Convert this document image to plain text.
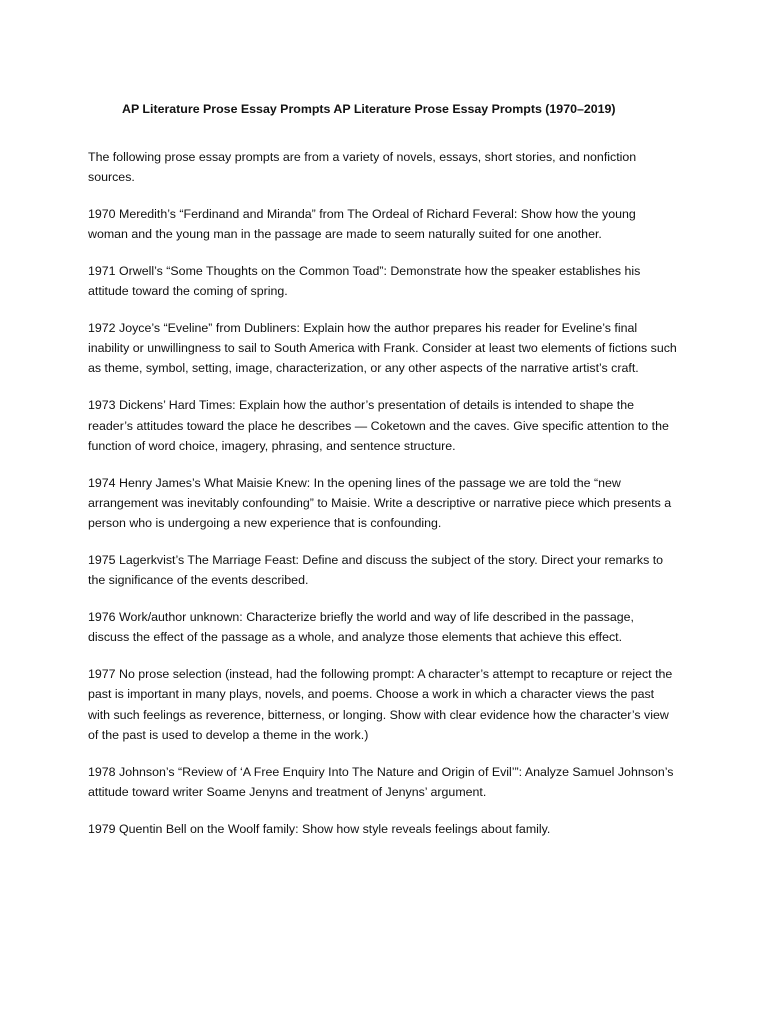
AP Literature Prose Essay Prompts AP Literature Prose Essay Prompts (1970–2019)

The following prose essay prompts are from a variety of novels, essays, short stories, and nonfiction sources.

1970 Meredith’s “Ferdinand and Miranda” from The Ordeal of Richard Feveral: Show how the young woman and the young man in the passage are made to seem naturally suited for one another.

1971 Orwell’s “Some Thoughts on the Common Toad”: Demonstrate how the speaker establishes his attitude toward the coming of spring.

1972 Joyce’s “Eveline” from Dubliners: Explain how the author prepares his reader for Eveline’s final inability or unwillingness to sail to South America with Frank. Consider at least two elements of fictions such as theme, symbol, setting, image, characterization, or any other aspects of the narrative artist’s craft.

1973 Dickens’ Hard Times: Explain how the author’s presentation of details is intended to shape the reader’s attitudes toward the place he describes — Coketown and the caves. Give specific attention to the function of word choice, imagery, phrasing, and sentence structure.

1974 Henry James’s What Maisie Knew: In the opening lines of the passage we are told the “new arrangement was inevitably confounding” to Maisie. Write a descriptive or narrative piece which presents a person who is undergoing a new experience that is confounding.

1975 Lagerkvist’s The Marriage Feast: Define and discuss the subject of the story. Direct your remarks to the significance of the events described.

1976 Work/author unknown: Characterize briefly the world and way of life described in the passage, discuss the effect of the passage as a whole, and analyze those elements that achieve this effect.

1977 No prose selection (instead, had the following prompt: A character’s attempt to recapture or reject the past is important in many plays, novels, and poems. Choose a work in which a character views the past with such feelings as reverence, bitterness, or longing. Show with clear evidence how the character’s view of the past is used to develop a theme in the work.)

1978 Johnson’s “Review of ‘A Free Enquiry Into The Nature and Origin of Evil’”: Analyze Samuel Johnson’s attitude toward writer Soame Jenyns and treatment of Jenyns’ argument.

1979 Quentin Bell on the Woolf family: Show how style reveals feelings about family.
